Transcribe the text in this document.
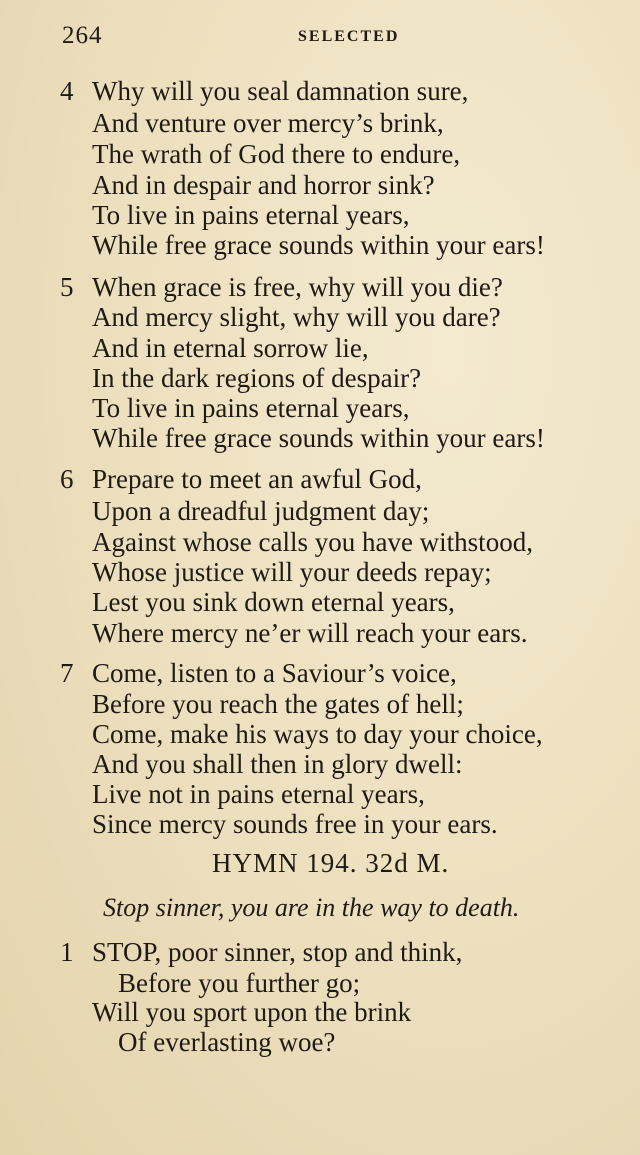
264	SELECTED
4 Why will you seal damnation sure,
And venture over mercy’s brink,
The wrath of God there to endure,
And in despair and horror sink?
To live in pains eternal years,
While free grace sounds within your ears!
5 When grace is free, why will you die?
And mercy slight, why will you dare?
And in eternal sorrow lie,
In the dark regions of despair?
To live in pains eternal years,
While free grace sounds within your ears!
6 Prepare to meet an awful God,
Upon a dreadful judgment day;
Against whose calls you have withstood,
Whose justice will your deeds repay;
Lest you sink down eternal years,
Where mercy ne’er will reach your ears.
7 Come, listen to a Saviour’s voice,
Before you reach the gates of hell;
Come, make his ways to day your choice,
And you shall then in glory dwell:
Live not in pains eternal years,
Since mercy sounds free in your ears.
HYMN 194. 32d M.
Stop sinner, you are in the way to death.
1 STOP, poor sinner, stop and think,
Before you further go;
Will you sport upon the brink
Of everlasting woe?
